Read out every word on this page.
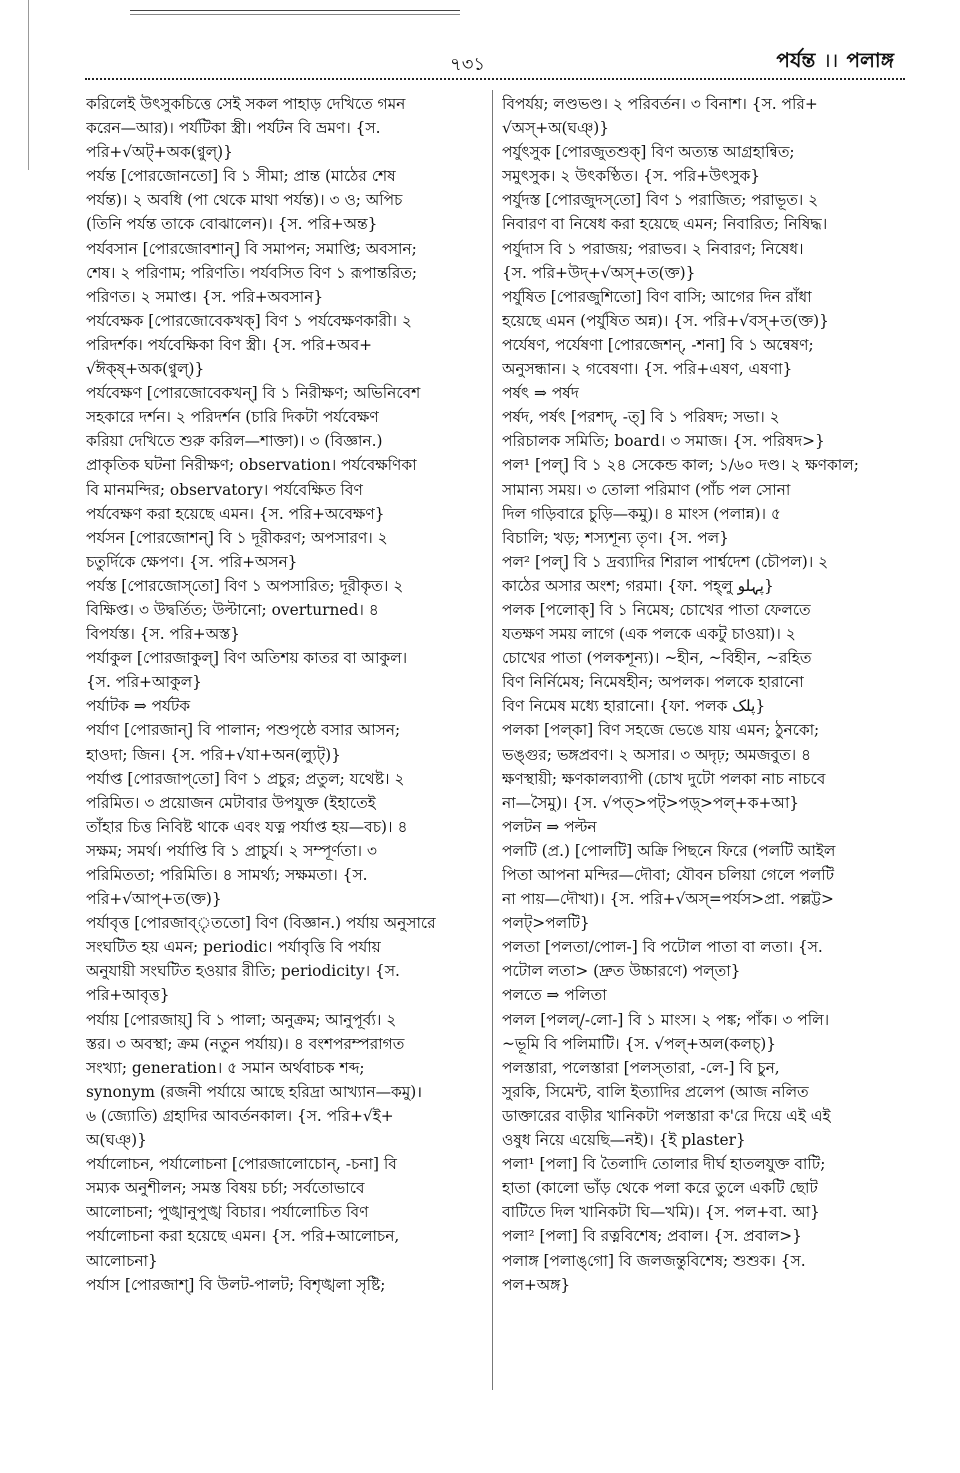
৭৩১	পর্যন্ত ।। পলাঙ্গ
করিলেই উৎসুকচিত্তে সেই সকল পাহাড় দেখিতে গমন
করেন—আর)। পর্যটিকা স্ত্রী। পর্যটন বি ভ্রমণ। {স.
পরি+√অট্‌+অক(ণ্বুল্‌)}
পর্যন্ত [পোরজোনতো] বি ১ সীমা; প্রান্ত (মাঠের শেষ
পর্যন্ত)। ২ অবধি (পা থেকে মাথা পর্যন্ত)। ৩ ও; অপিচ
(তিনি পর্যন্ত তাকে বোঝালেন)। {স. পরি+অন্ত}
পর্যবসান [পোরজোবশান্‌] বি সমাপন; সমাপ্তি; অবসান;
শেষ। ২ পরিণাম; পরিণতি। পর্যবসিত বিণ ১ রূপান্তরিত;
পরিণত। ২ সমাপ্ত। {স. পরি+অবসান}
পর্যবেক্ষক [পোরজোবেকখক্‌] বিণ ১ পর্যবেক্ষণকারী। ২
পরিদর্শক। পর্যবেক্ষিকা বিণ স্ত্রী। {স. পরি+অব+
√ঈক্ষ্‌+অক(ণ্বুল্‌)}
পর্যবেক্ষণ [পোরজোবেকখন্‌] বি ১ নিরীক্ষণ; অভিনিবেশ
সহকারে দর্শন। ২ পরিদর্শন (চারি দিকটা পর্যবেক্ষণ
করিয়া দেখিতে শুরু করিল—শাক্তা)। ৩ (বিজ্ঞান.)
প্রাকৃতিক ঘটনা নিরীক্ষণ; observation। পর্যবেক্ষণিকা
বি মানমন্দির; observatory। পর্যবেক্ষিত বিণ
পর্যবেক্ষণ করা হয়েছে এমন। {স. পরি+অবেক্ষণ}
পর্যসন [পোরজোশন্‌] বি ১ দূরীকরণ; অপসারণ। ২
চতুর্দিকে ক্ষেপণ। {স. পরি+অসন}
পর্যস্ত [পোরজোস্‌তো] বিণ ১ অপসারিত; দূরীকৃত। ২
বিক্ষিপ্ত। ৩ উদ্বর্তিত; উল্টানো; overturned। ৪
বিপর্যস্ত। {স. পরি+অস্ত}
পর্যাকুল [পোরজাকুল্‌] বিণ অতিশয় কাতর বা আকুল।
{স. পরি+আকুল}
পর্যাটক ⇒ পর্যটক
পর্যাণ [পোরজান্‌] বি পালান; পশুপৃষ্ঠে বসার আসন;
হাওদা; জিন। {স. পরি+√যা+অন(ল্যুট্‌)}
পর্যাপ্ত [পোরজাপ্‌তো] বিণ ১ প্রচুর; প্রতুল; যথেষ্ট। ২
পরিমিত। ৩ প্রয়োজন মেটাবার উপযুক্ত (ইহাতেই
তাঁহার চিত্ত নিবিষ্ট থাকে এবং যত্ন পর্যাপ্ত হয়—বচ)। ৪
সক্ষম; সমর্থ। পর্যাপ্তি বি ১ প্রাচুর্য। ২ সম্পূর্ণতা। ৩
পরিমিততা; পরিমিতি। ৪ সামর্থ্য; সক্ষমতা। {স.
পরি+√আপ্‌+ত(ক্ত)}
পর্যাবৃত্ত [পোরজাব্‌ৃততো] বিণ (বিজ্ঞান.) পর্যায় অনুসারে
সংঘটিত হয় এমন; periodic। পর্যাবৃত্তি বি পর্যায়
অনুযায়ী সংঘটিত হওয়ার রীতি; periodicity। {স.
পরি+আবৃত্ত}
পর্যায় [পোরজায়্‌] বি ১ পালা; অনুক্রম; আনুপূর্ব্য। ২
স্তর। ৩ অবস্থা; ক্রম (নতুন পর্যায়)। ৪ বংশপরম্পরাগত
সংখ্যা; generation। ৫ সমান অর্থবাচক শব্দ;
synonym (রজনী পর্যায়ে আছে হরিদ্রা আখ্যান—কমু)।
৬ (জ্যোতি) গ্রহাদির আবর্তনকাল। {স. পরি+√ই+
অ(ঘঞ্‌)}
পর্যালোচন, পর্যালোচনা [পোরজালোচোন্‌, -চনা] বি
সম্যক অনুশীলন; সমস্ত বিষয় চর্চা; সর্বতোভাবে
আলোচনা; পুঙ্খানুপুঙ্খ বিচার। পর্যালোচিত বিণ
পর্যালোচনা করা হয়েছে এমন। {স. পরি+আলোচন,
আলোচনা}
পর্যাস [পোরজাশ্‌] বি উলট-পালট; বিশৃঙ্খলা সৃষ্টি;
বিপর্যয়; লণ্ডভণ্ড। ২ পরিবর্তন। ৩ বিনাশ। {স. পরি+
√অস্‌+অ(ঘঞ্‌)}
পর্যুৎসুক [পোরজুতশুক্‌] বিণ অত্যন্ত আগ্রহান্বিত;
সমুৎসুক। ২ উৎকণ্ঠিত। {স. পরি+উৎসুক}
পর্যুদস্ত [পোরজুদস্‌তো] বিণ ১ পরাজিত; পরাভূত। ২
নিবারণ বা নিষেধ করা হয়েছে এমন; নিবারিত; নিষিদ্ধ।
পর্যুদাস বি ১ পরাজয়; পরাভব। ২ নিবারণ; নিষেধ।
{স. পরি+উদ্‌+√অস্‌+ত(ক্ত)}
পর্যুষিত [পোরজুশিতো] বিণ বাসি; আগের দিন রাঁধা
হয়েছে এমন (পর্যুষিত অন্ন)। {স. পরি+√বস্‌+ত(ক্ত)}
পর্যেষণ, পর্যেষণা [পোরজেশন্‌, -শনা] বি ১ অন্বেষণ;
অনুসন্ধান। ২ গবেষণা। {স. পরি+এষণ, এষণা}
পর্ষৎ ⇒ পর্ষদ
পর্ষদ, পর্ষৎ [পরশদ্‌, -ত্‌] বি ১ পরিষদ; সভা। ২
পরিচালক সমিতি; board। ৩ সমাজ। {স. পরিষদ>}
পল¹ [পল্‌] বি ১ ২৪ সেকেন্ড কাল; ১/৬০ দণ্ড। ২ ক্ষণকাল;
সামান্য সময়। ৩ তোলা পরিমাণ (পাঁচ পল সোনা
দিল গড়িবারে চুড়ি—কমু)। ৪ মাংস (পলান্ন)। ৫
বিচালি; খড়; শস্যশূন্য তৃণ। {স. পল}
পল² [পল্‌] বি ১ দ্রব্যাদির শিরাল পার্শ্বদেশ (চৌপল)। ২
কাঠের অসার অংশ; গরমা। {ফা. পহ্‌লু پہلو}
পলক [পলোক্‌] বি ১ নিমেষ; চোখের পাতা ফেলতে
যতক্ষণ সময় লাগে (এক পলকে একটু চাওয়া)। ২
চোখের পাতা (পলকশূন্য)। ~হীন, ~বিহীন, ~রহিত
বিণ নির্নিমেষ; নিমেষহীন; অপলক। পলকে হারানো
বিণ নিমেষ মধ্যে হারানো। {ফা. পলক پلک}
পলকা [পল্‌কা] বিণ সহজে ভেঙে যায় এমন; ঠুনকো;
ভঙ্গুর; ভঙ্গপ্রবণ। ২ অসার। ৩ অদৃঢ়; অমজবুত। ৪
ক্ষণস্থায়ী; ক্ষণকালব্যাপী (চোখ দুটো পলকা নাচ নাচবে
না—সৈমু)। {স. √পত্‌>পট্‌>পড়্‌>পল্‌+ক+আ}
পলটন ⇒ পল্টন
পলটি (প্র.) [পোলটি] অক্রি পিছনে ফিরে (পলটি আইল
পিতা আপনা মন্দির—দৌবা; যৌবন চলিয়া গেলে পলটি
না পায়—দৌখা)। {স. পরি+√অস্‌=পর্যস>প্রা. পল্লট্ট>
পলট্‌>পলটি}
পলতা [পলতা/পোল-] বি পটোল পাতা বা লতা। {স.
পটোল লতা> (দ্রুত উচ্চারণে) পল্‌তা}
পলতে ⇒ পলিতা
পলল [পলল্‌/-লো-] বি ১ মাংস। ২ পঙ্ক; পাঁক। ৩ পলি।
~ভূমি বি পলিমাটি। {স. √পল্‌+অল(কলচ্‌)}
পলস্তারা, পলেস্তারা [পলস্‌তারা, -লে-] বি চুন,
সুরকি, সিমেন্ট, বালি ইত্যাদির প্রলেপ (আজ নলিত
ডাক্তারের বাড়ীর খানিকটা পলস্তারা ক'রে দিয়ে এই এই
ওষুধ নিয়ে এয়েছি—নই)। {ই plaster}
পলা¹ [পলা] বি তৈলাদি তোলার দীর্ঘ হাতলযুক্ত বাটি;
হাতা (কালো ভাঁড় থেকে পলা করে তুলে একটি ছোট
বাটিতে দিল খানিকটা ঘি—খমি)। {স. পল+বা. আ}
পলা² [পলা] বি রত্নবিশেষ; প্রবাল। {স. প্রবাল>}
পলাঙ্গ [পলাঙ্‌গো] বি জলজন্তুবিশেষ; শুশুক। {স.
পল+অঙ্গ}
